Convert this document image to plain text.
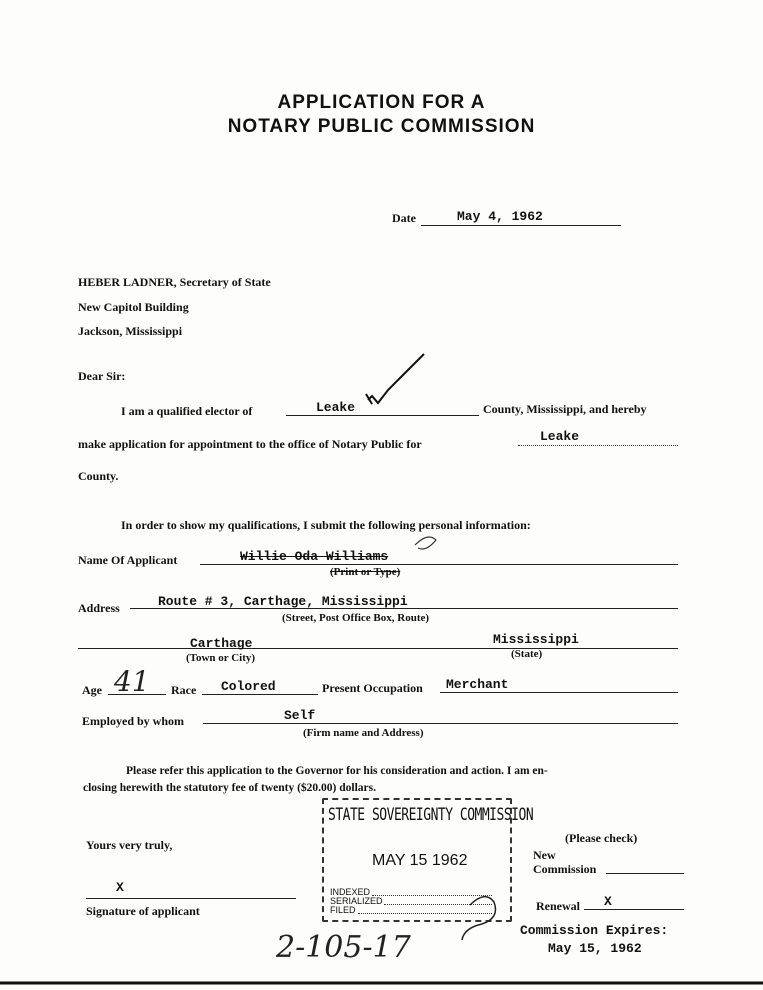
APPLICATION FOR A
NOTARY PUBLIC COMMISSION
Date	May 4, 1962
HEBER LADNER, Secretary of State
New Capitol Building
Jackson, Mississippi
Dear Sir:
I am a qualified elector of	Leake	County, Mississippi, and hereby
make application for appointment to the office of Notary Public for	Leake
County.
In order to show my qualifications, I submit the following personal information:
Name Of Applicant	Willie Oda Williams
(Print or Type)
Address	Route # 3, Carthage, Mississippi
(Street, Post Office Box, Route)
Carthage
(Town or City)
Mississippi
(State)
Age 41 Race Colored	Present Occupation Merchant
Employed by whom	Self
(Firm name and Address)
Please refer this application to the Governor for his consideration and action. I am en-
closing herewith the statutory fee of twenty ($20.00) dollars.
Yours very truly,
X
Signature of applicant
STATE SOVEREIGNTY COMMISSION
MAY 15 1962
INDEXED
SERIALIZED
FILED
(Please check)
New
Commission
Renewal X
Commission Expires:
May 15, 1962
2-105-17
